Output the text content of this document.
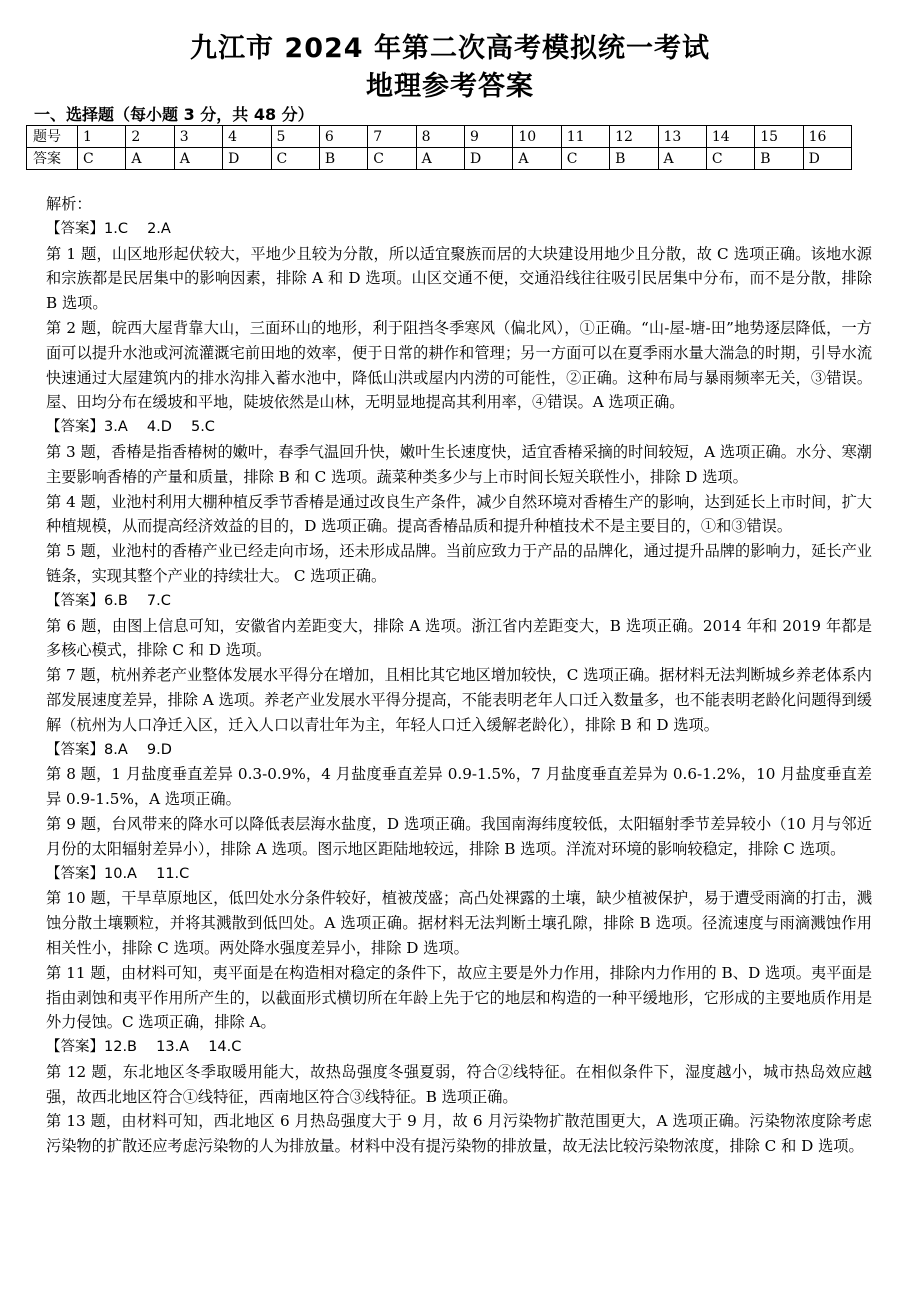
九江市 2024 年第二次高考模拟统一考试
地理参考答案
一、选择题（每小题 3 分，共 48 分）
题号	1	2	3	4	5	6	7	8	9	10	11	12	13	14	15	16
答案	C	A	A	D	C	B	C	A	D	A	C	B	A	C	B	D

解析：

【答案】1.C　 2.A

第 1 题，山区地形起伏较大，平地少且较为分散，所以适宜聚族而居的大块建设用地少且分散，故 C 选项正确。该地水源和宗族都是民居集中的影响因素，排除 A 和 D 选项。山区交通不便，交通沿线往往吸引民居集中分布，而不是分散，排除 B 选项。

第 2 题，皖西大屋背靠大山，三面环山的地形，利于阻挡冬季寒风（偏北风），①正确。“山-屋-塘-田”地势逐层降低，一方面可以提升水池或河流灌溉宅前田地的效率，便于日常的耕作和管理；另一方面可以在夏季雨水量大湍急的时期，引导水流快速通过大屋建筑内的排水沟排入蓄水池中，降低山洪或屋内内涝的可能性，②正确。这种布局与暴雨频率无关，③错误。屋、田均分布在缓坡和平地，陡坡依然是山林，无明显地提高其利用率，④错误。A 选项正确。

【答案】3.A　 4.D　 5.C

第 3 题，香椿是指香椿树的嫩叶，春季气温回升快，嫩叶生长速度快，适宜香椿采摘的时间较短，A 选项正确。水分、寒潮主要影响香椿的产量和质量，排除 B 和 C 选项。蔬菜种类多少与上市时间长短关联性小，排除 D 选项。

第 4 题，业池村利用大棚种植反季节香椿是通过改良生产条件，减少自然环境对香椿生产的影响，达到延长上市时间，扩大种植规模，从而提高经济效益的目的，D 选项正确。提高香椿品质和提升种植技术不是主要目的，①和③错误。

第 5 题，业池村的香椿产业已经走向市场，还未形成品牌。当前应致力于产品的品牌化，通过提升品牌的影响力，延长产业链条，实现其整个产业的持续壮大。 C 选项正确。

【答案】6.B　 7.C

第 6 题，由图上信息可知，安徽省内差距变大，排除 A 选项。浙江省内差距变大，B 选项正确。2014 年和 2019 年都是多核心模式，排除 C 和 D 选项。

第 7 题，杭州养老产业整体发展水平得分在增加，且相比其它地区增加较快，C 选项正确。据材料无法判断城乡养老体系内部发展速度差异，排除 A 选项。养老产业发展水平得分提高，不能表明老年人口迁入数量多，也不能表明老龄化问题得到缓解（杭州为人口净迁入区，迁入人口以青壮年为主，年轻人口迁入缓解老龄化），排除 B 和 D 选项。

【答案】8.A　 9.D

第 8 题，1 月盐度垂直差异 0.3-0.9%，4 月盐度垂直差异 0.9-1.5%，7 月盐度垂直差异为 0.6-1.2%，10 月盐度垂直差异 0.9-1.5%，A 选项正确。

第 9 题，台风带来的降水可以降低表层海水盐度，D 选项正确。我国南海纬度较低，太阳辐射季节差异较小（10 月与邻近月份的太阳辐射差异小），排除 A 选项。图示地区距陆地较远，排除 B 选项。洋流对环境的影响较稳定，排除 C 选项。

【答案】10.A　 11.C

第 10 题，干旱草原地区，低凹处水分条件较好，植被茂盛；高凸处裸露的土壤，缺少植被保护，易于遭受雨滴的打击，溅蚀分散土壤颗粒，并将其溅散到低凹处。A 选项正确。据材料无法判断土壤孔隙，排除 B 选项。径流速度与雨滴溅蚀作用相关性小，排除 C 选项。两处降水强度差异小，排除 D 选项。

第 11 题，由材料可知，夷平面是在构造相对稳定的条件下，故应主要是外力作用，排除内力作用的 B、D 选项。夷平面是指由剥蚀和夷平作用所产生的，以截面形式横切所在年龄上先于它的地层和构造的一种平缓地形，它形成的主要地质作用是外力侵蚀。C 选项正确，排除 A。

【答案】12.B　 13.A　 14.C

第 12 题，东北地区冬季取暖用能大，故热岛强度冬强夏弱，符合②线特征。在相似条件下，湿度越小，城市热岛效应越强，故西北地区符合①线特征，西南地区符合③线特征。B 选项正确。

第 13 题，由材料可知，西北地区 6 月热岛强度大于 9 月，故 6 月污染物扩散范围更大，A 选项正确。污染物浓度除考虑污染物的扩散还应考虑污染物的人为排放量。材料中没有提污染物的排放量，故无法比较污染物浓度，排除 C 和 D 选项。
